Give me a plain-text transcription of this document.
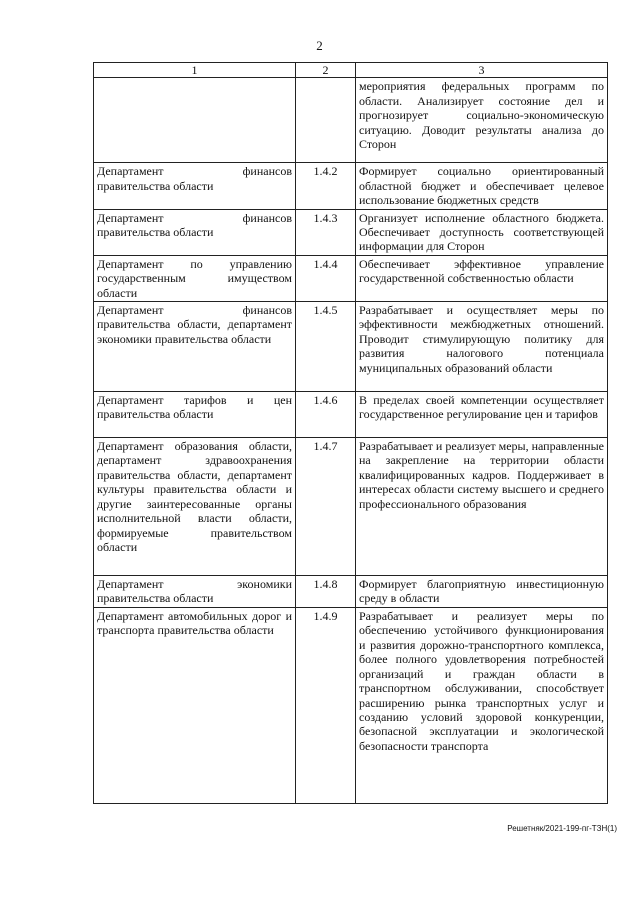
2
1	2	3
		мероприятия федеральных программ по области. Анализирует состояние дел и прогнозирует социально-экономическую ситуацию. Доводит результаты анализа до Сторон
Департамент финансов правительства области	1.4.2	Формирует социально ориентированный областной бюджет и обеспечивает целевое использование бюджетных средств
Департамент финансов правительства области	1.4.3	Организует исполнение областного бюджета. Обеспечивает доступность соответствующей информации для Сторон
Департамент по управлению государственным имуществом области	1.4.4	Обеспечивает эффективное управление государственной собственностью области
Департамент финансов правительства области, департамент экономики правительства области	1.4.5	Разрабатывает и осуществляет меры по эффективности межбюджетных отношений. Проводит стимулирующую политику для развития налогового потенциала муниципальных образований области
Департамент тарифов и цен правительства области	1.4.6	В пределах своей компетенции осуществляет государственное регулирование цен и тарифов
Департамент образования области, департамент здравоохранения правительства области, департамент культуры правительства области и другие заинтересованные органы исполнительной власти области, формируемые правительством области	1.4.7	Разрабатывает и реализует меры, направленные на закрепление на территории области квалифицированных кадров. Поддерживает в интересах области систему высшего и среднего профессионального образования
Департамент экономики правительства области	1.4.8	Формирует благоприятную инвестиционную среду в области
Департамент автомобильных дорог и транспорта правительства области	1.4.9	Разрабатывает и реализует меры по обеспечению устойчивого функционирования и развития дорожно-транспортного комплекса, более полного удовлетворения потребностей организаций и граждан области в транспортном обслуживании, способствует расширению рынка транспортных услуг и созданию условий здоровой конкуренции, безопасной эксплуатации и экологической безопасности транспорта
Решетняк/2021-199-пг-ТЗН(1)
